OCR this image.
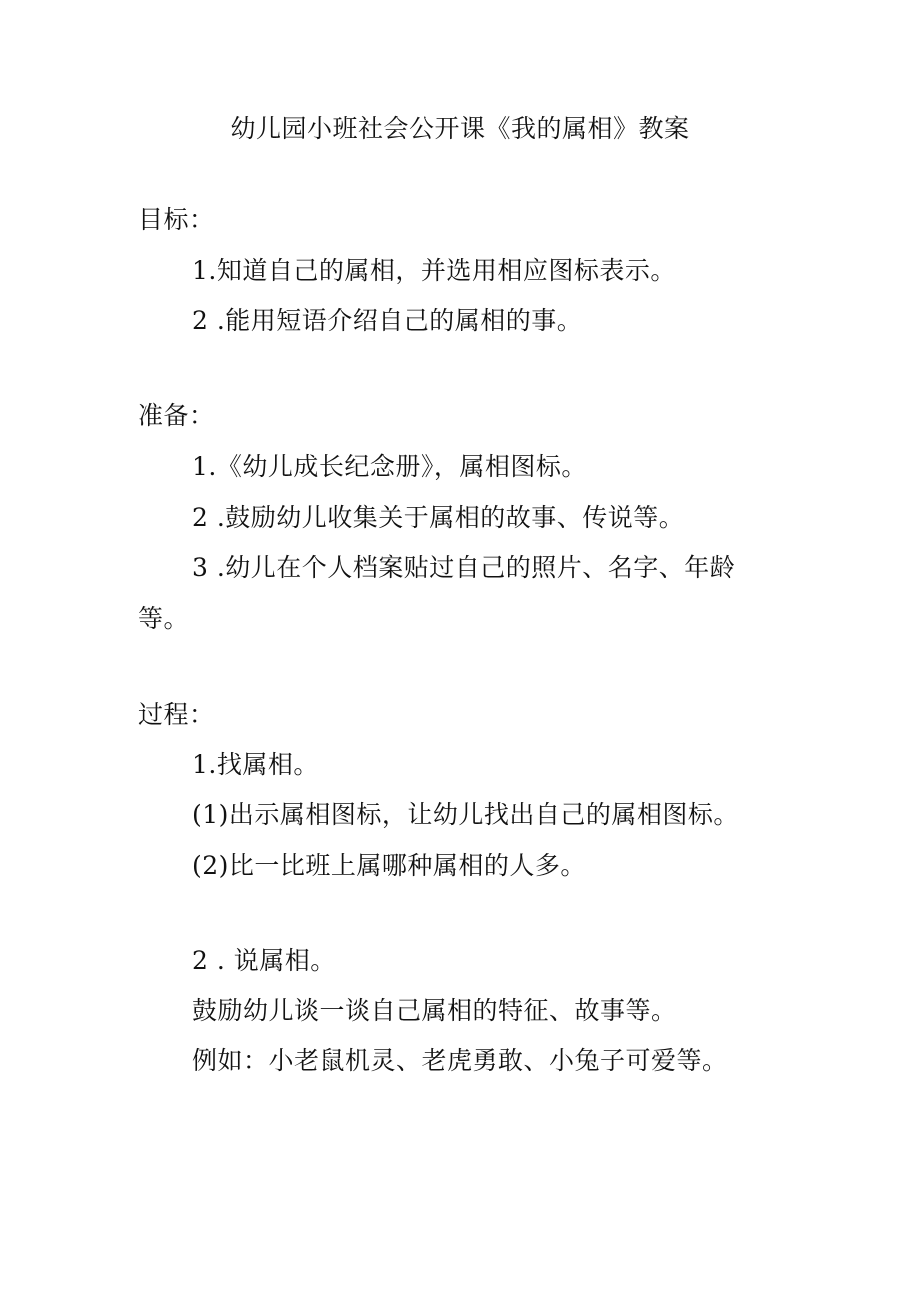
幼儿园小班社会公开课《我的属相》教案
目标：
1.知道自己的属相，并选用相应图标表示。
2 .能用短语介绍自己的属相的事。
准备：
1.《幼儿成长纪念册》，属相图标。
2 .鼓励幼儿收集关于属相的故事、传说等。
3 .幼儿在个人档案贴过自己的照片、名字、年龄
等。
过程：
1.找属相。
(1)出示属相图标，让幼儿找出自己的属相图标。
(2)比一比班上属哪种属相的人多。
2 . 说属相。
鼓励幼儿谈一谈自己属相的特征、故事等。
例如：小老鼠机灵、老虎勇敢、小兔子可爱等。
